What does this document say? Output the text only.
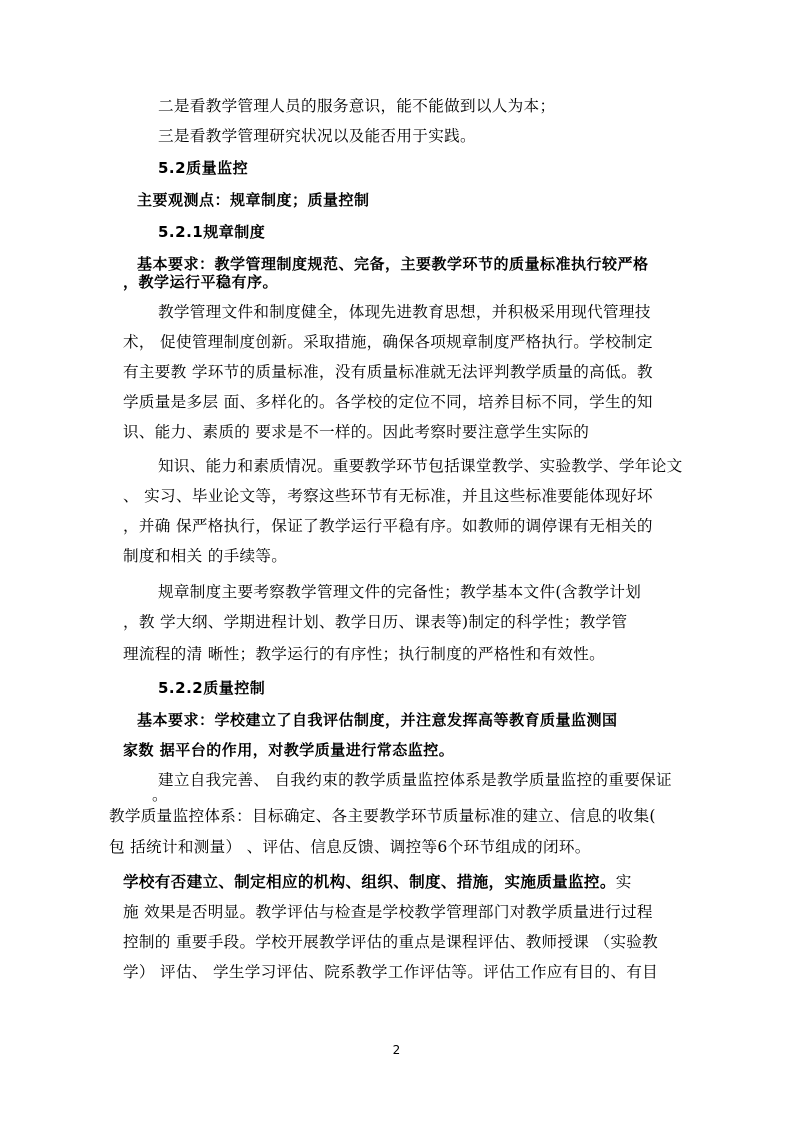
二是看教学管理人员的服务意识，能不能做到以人为本；
三是看教学管理研究状况以及能否用于实践。
5.2质量监控
主要观测点：规章制度；质量控制
5.2.1规章制度
基本要求：教学管理制度规范、完备，主要教学环节的质量标准执行较严格
，教学运行平稳有序。
教学管理文件和制度健全，体现先进教育思想，并积极采用现代管理技
术， 促使管理制度创新。采取措施，确保各项规章制度严格执行。学校制定
有主要教 学环节的质量标准，没有质量标准就无法评判教学质量的高低。教
学质量是多层 面、多样化的。各学校的定位不同，培养目标不同，学生的知
识、能力、素质的 要求是不一样的。因此考察时要注意学生实际的
知识、能力和素质情况。重要教学环节包括课堂教学、实验教学、学年论文
、 实习、毕业论文等，考察这些环节有无标准，并且这些标准要能体现好坏
，并确 保严格执行，保证了教学运行平稳有序。如教师的调停课有无相关的
制度和相关 的手续等。
规章制度主要考察教学管理文件的完备性；教学基本文件(含教学计划
，教 学大纲、学期进程计划、教学日历、课表等)制定的科学性；教学管
理流程的清 晰性；教学运行的有序性；执行制度的严格性和有效性。
5.2.2质量控制
基本要求：学校建立了自我评估制度，并注意发挥高等教育质量监测国
家数 据平台的作用，对教学质量进行常态监控。
建立自我完善、 自我约束的教学质量监控体系是教学质量监控的重要保证
。
教学质量监控体系：目标确定、各主要教学环节质量标准的建立、信息的收集(
包 括统计和测量） 、评估、信息反馈、调控等6个环节组成的闭环。
学校有否建立、制定相应的机构、组织、制度、措施，实施质量监控。实
施 效果是否明显。教学评估与检查是学校教学管理部门对教学质量进行过程
控制的 重要手段。学校开展教学评估的重点是课程评估、教师授课 （实验教
学） 评估、 学生学习评估、院系教学工作评估等。评估工作应有目的、有目
2
